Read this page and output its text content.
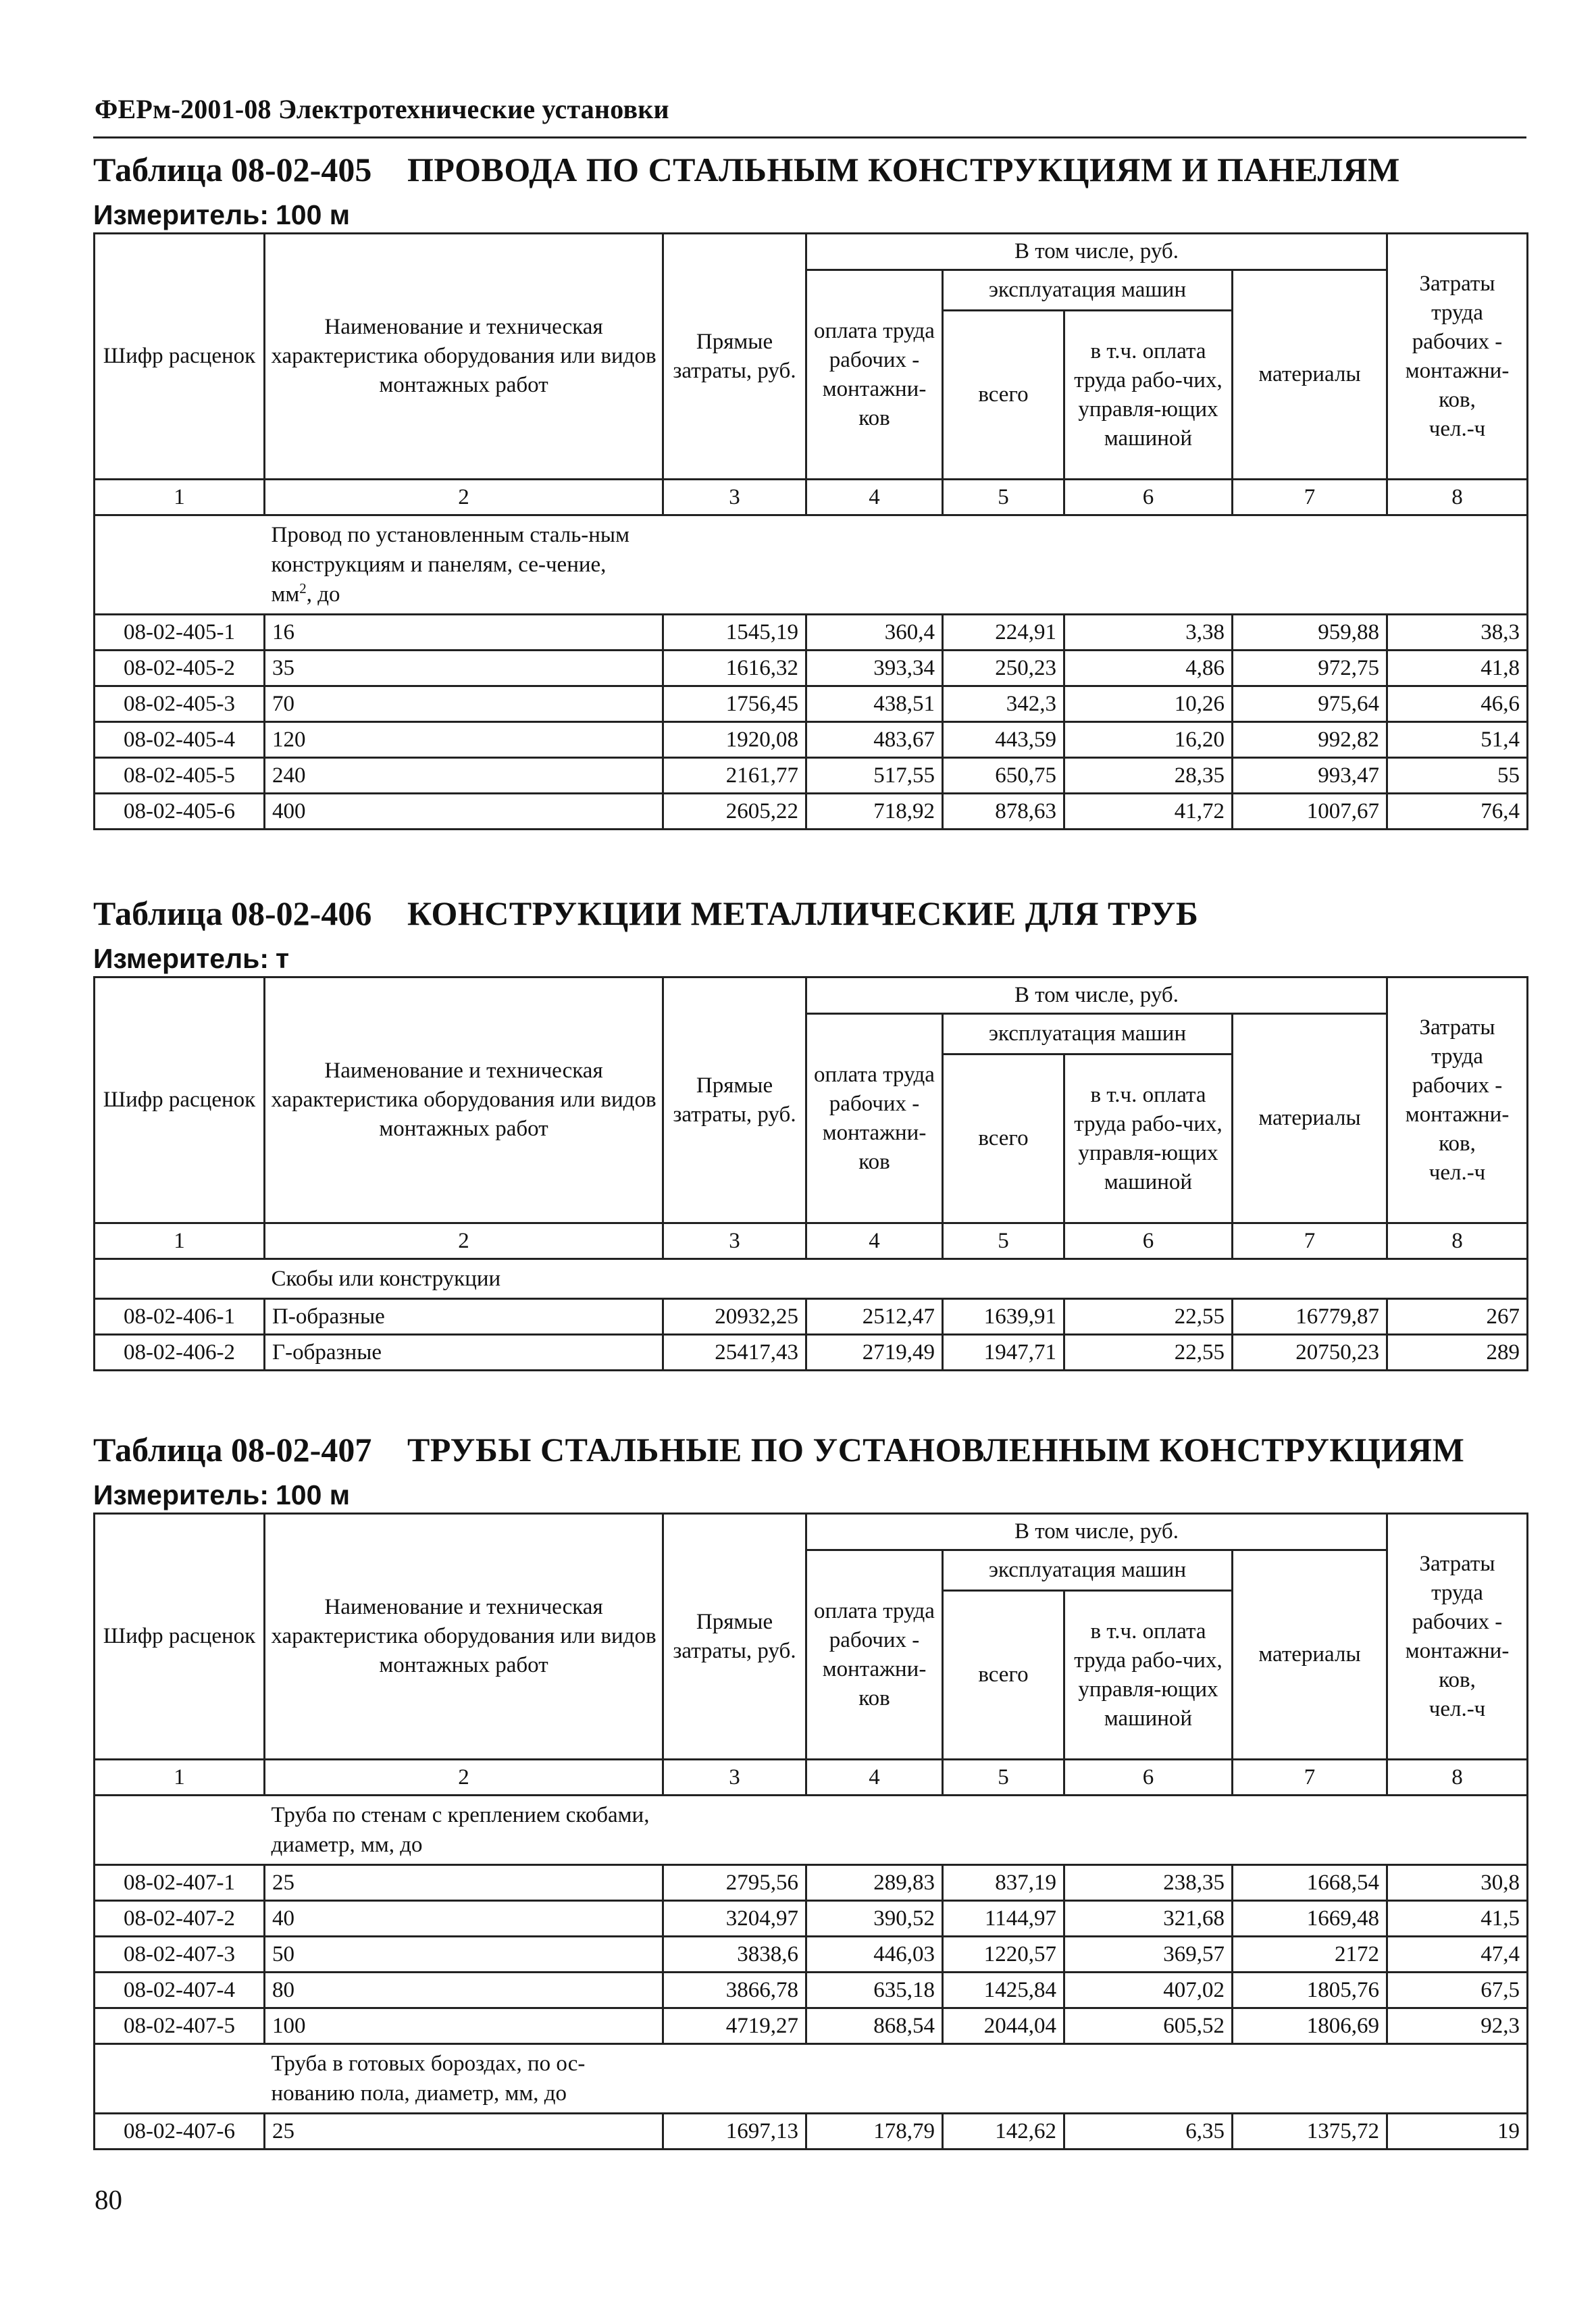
ФЕРм-2001-08 Электротехнические установки
Таблица 08-02-405	ПРОВОДА ПО СТАЛЬНЫМ КОНСТРУКЦИЯМ И ПАНЕЛЯМ
Измеритель: 100 м
Шифр расценок	Наименование и техническая характеристика оборудования или видов монтажных работ	Прямые затраты, руб.	В том числе, руб.				Затраты труда рабочих - монтажни-ков,
чел.-ч

			оплата труда рабочих - монтажни-ков	эксплуатация машин		материалы	
				всего	в т.ч. оплата труда рабо-чих, управля-ющих машиной		
1	2	3	4	5	6	7	8

	Провод по установленным сталь-ным конструкциям и панелям, се-чение, $мм^2$, до						

08-02-405-1	16	1545,19	360,4	224,91	3,38	959,88	38,3
08-02-405-2	35	1616,32	393,34	250,23	4,86	972,75	41,8
08-02-405-3	70	1756,45	438,51	342,3	10,26	975,64	46,6
08-02-405-4	120	1920,08	483,67	443,59	16,20	992,82	51,4
08-02-405-5	240	2161,77	517,55	650,75	28,35	993,47	55
08-02-405-6	400	2605,22	718,92	878,63	41,72	1007,67	76,4
Таблица 08-02-406	КОНСТРУКЦИИ МЕТАЛЛИЧЕСКИЕ ДЛЯ ТРУБ
Измеритель: т
Шифр расценок	Наименование и техническая характеристика оборудования или видов монтажных работ	Прямые затраты, руб.	В том числе, руб.				Затраты труда рабочих - монтажни-ков,
чел.-ч

			оплата труда рабочих - монтажни-ков	эксплуатация машин		материалы	
				всего	в т.ч. оплата труда рабо-чих, управля-ющих машиной		
1	2	3	4	5	6	7	8

	Скобы или конструкции						

08-02-406-1	П-образные	20932,25	2512,47	1639,91	22,55	16779,87	267
08-02-406-2	Г-образные	25417,43	2719,49	1947,71	22,55	20750,23	289
Таблица 08-02-407	ТРУБЫ СТАЛЬНЫЕ ПО УСТАНОВЛЕННЫМ КОНСТРУКЦИЯМ
Измеритель: 100 м
Шифр расценок	Наименование и техническая характеристика оборудования или видов монтажных работ	Прямые затраты, руб.	В том числе, руб.				Затраты труда рабочих - монтажни-ков,
чел.-ч

			оплата труда рабочих - монтажни-ков	эксплуатация машин		материалы	
				всего	в т.ч. оплата труда рабо-чих, управля-ющих машиной		
1	2	3	4	5	6	7	8

	Труба по стенам с креплением скобами, диаметр, мм, до						

08-02-407-1	25	2795,56	289,83	837,19	238,35	1668,54	30,8
08-02-407-2	40	3204,97	390,52	1144,97	321,68	1669,48	41,5
08-02-407-3	50	3838,6	446,03	1220,57	369,57	2172	47,4
08-02-407-4	80	3866,78	635,18	1425,84	407,02	1805,76	67,5
08-02-407-5	100	4719,27	868,54	2044,04	605,52	1806,69	92,3

	Труба в готовых бороздах, по ос-нованию пола, диаметр, мм, до						

08-02-407-6	25	1697,13	178,79	142,62	6,35	1375,72	19
80
